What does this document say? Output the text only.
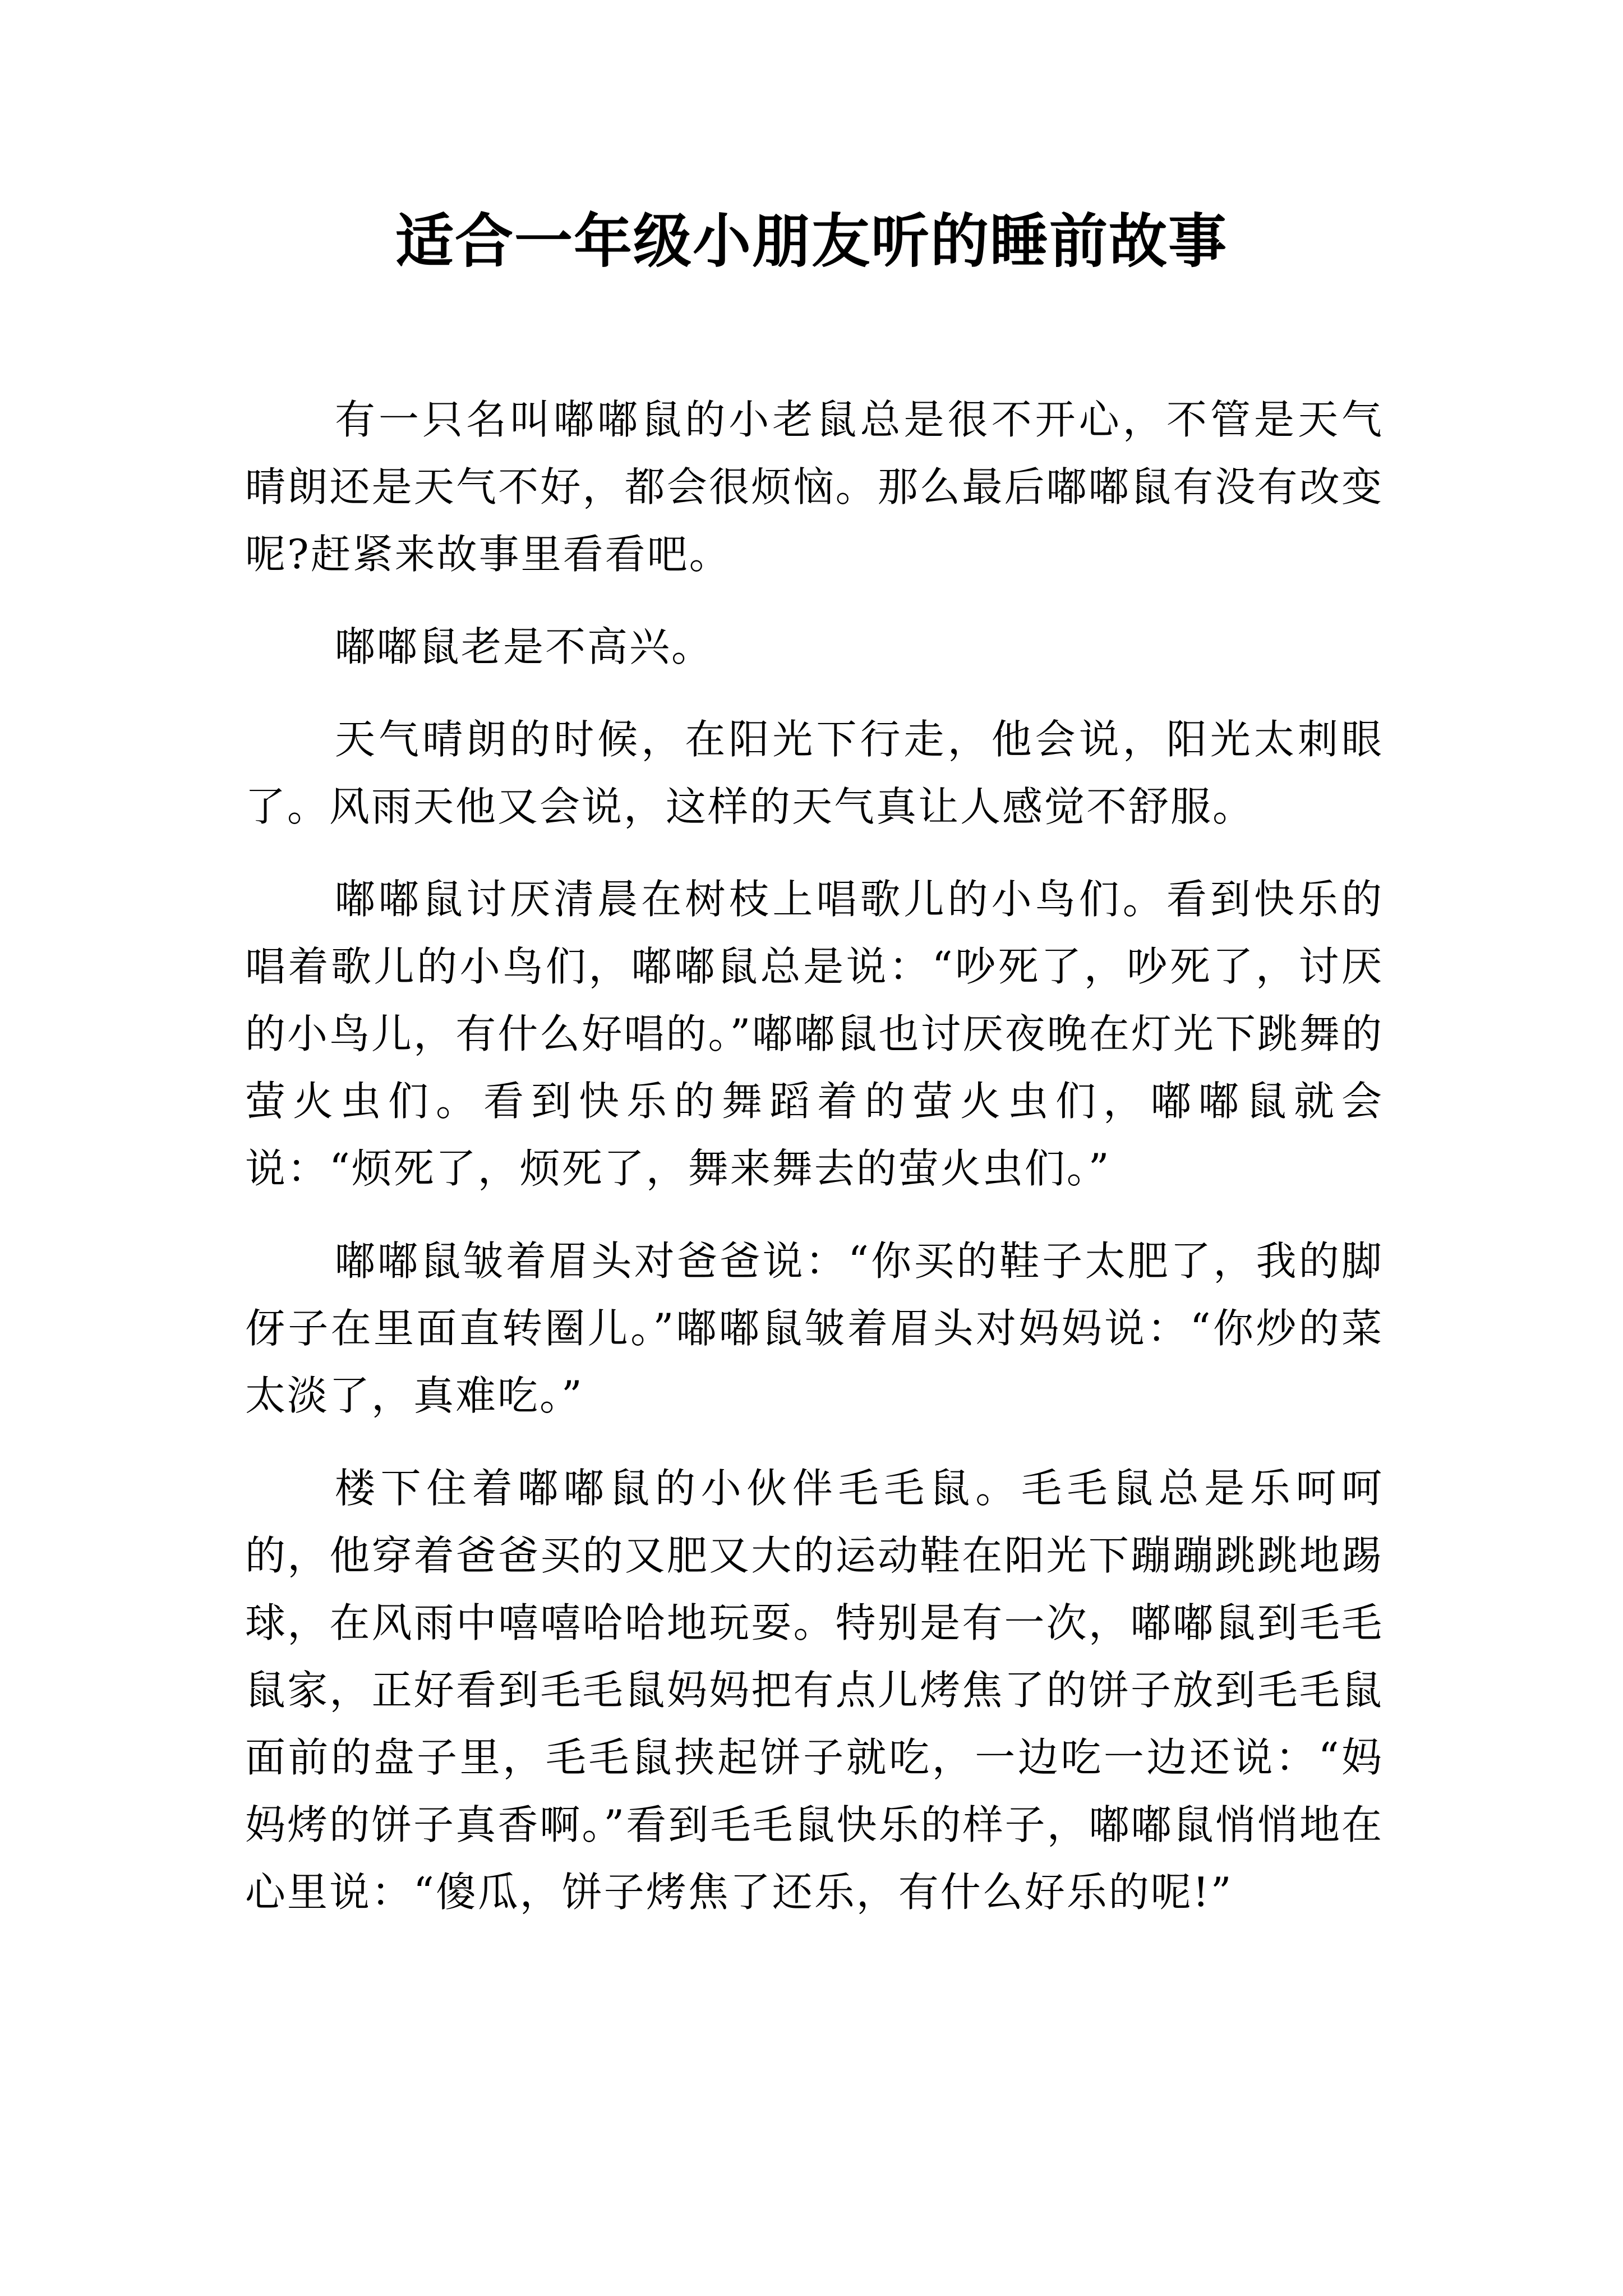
适合一年级小朋友听的睡前故事

有一只名叫嘟嘟鼠的小老鼠总是很不开心，不管是天气晴朗还是天气不好，都会很烦恼。那么最后嘟嘟鼠有没有改变呢?赶紧来故事里看看吧。

嘟嘟鼠老是不高兴。

天气晴朗的时候，在阳光下行走，他会说，阳光太刺眼了。风雨天他又会说，这样的天气真让人感觉不舒服。

嘟嘟鼠讨厌清晨在树枝上唱歌儿的小鸟们。看到快乐的唱着歌儿的小鸟们，嘟嘟鼠总是说：“吵死了，吵死了，讨厌的小鸟儿，有什么好唱的。”嘟嘟鼠也讨厌夜晚在灯光下跳舞的萤火虫们。看到快乐的舞蹈着的萤火虫们，嘟嘟鼠就会说：“烦死了，烦死了，舞来舞去的萤火虫们。”

嘟嘟鼠皱着眉头对爸爸说：“你买的鞋子太肥了，我的脚伢子在里面直转圈儿。”嘟嘟鼠皱着眉头对妈妈说：“你炒的菜太淡了，真难吃。”

楼下住着嘟嘟鼠的小伙伴毛毛鼠。毛毛鼠总是乐呵呵的，他穿着爸爸买的又肥又大的运动鞋在阳光下蹦蹦跳跳地踢球，在风雨中嘻嘻哈哈地玩耍。特别是有一次，嘟嘟鼠到毛毛鼠家，正好看到毛毛鼠妈妈把有点儿烤焦了的饼子放到毛毛鼠面前的盘子里，毛毛鼠挟起饼子就吃，一边吃一边还说：“妈妈烤的饼子真香啊。”看到毛毛鼠快乐的样子，嘟嘟鼠悄悄地在心里说：“傻瓜，饼子烤焦了还乐，有什么好乐的呢!”
